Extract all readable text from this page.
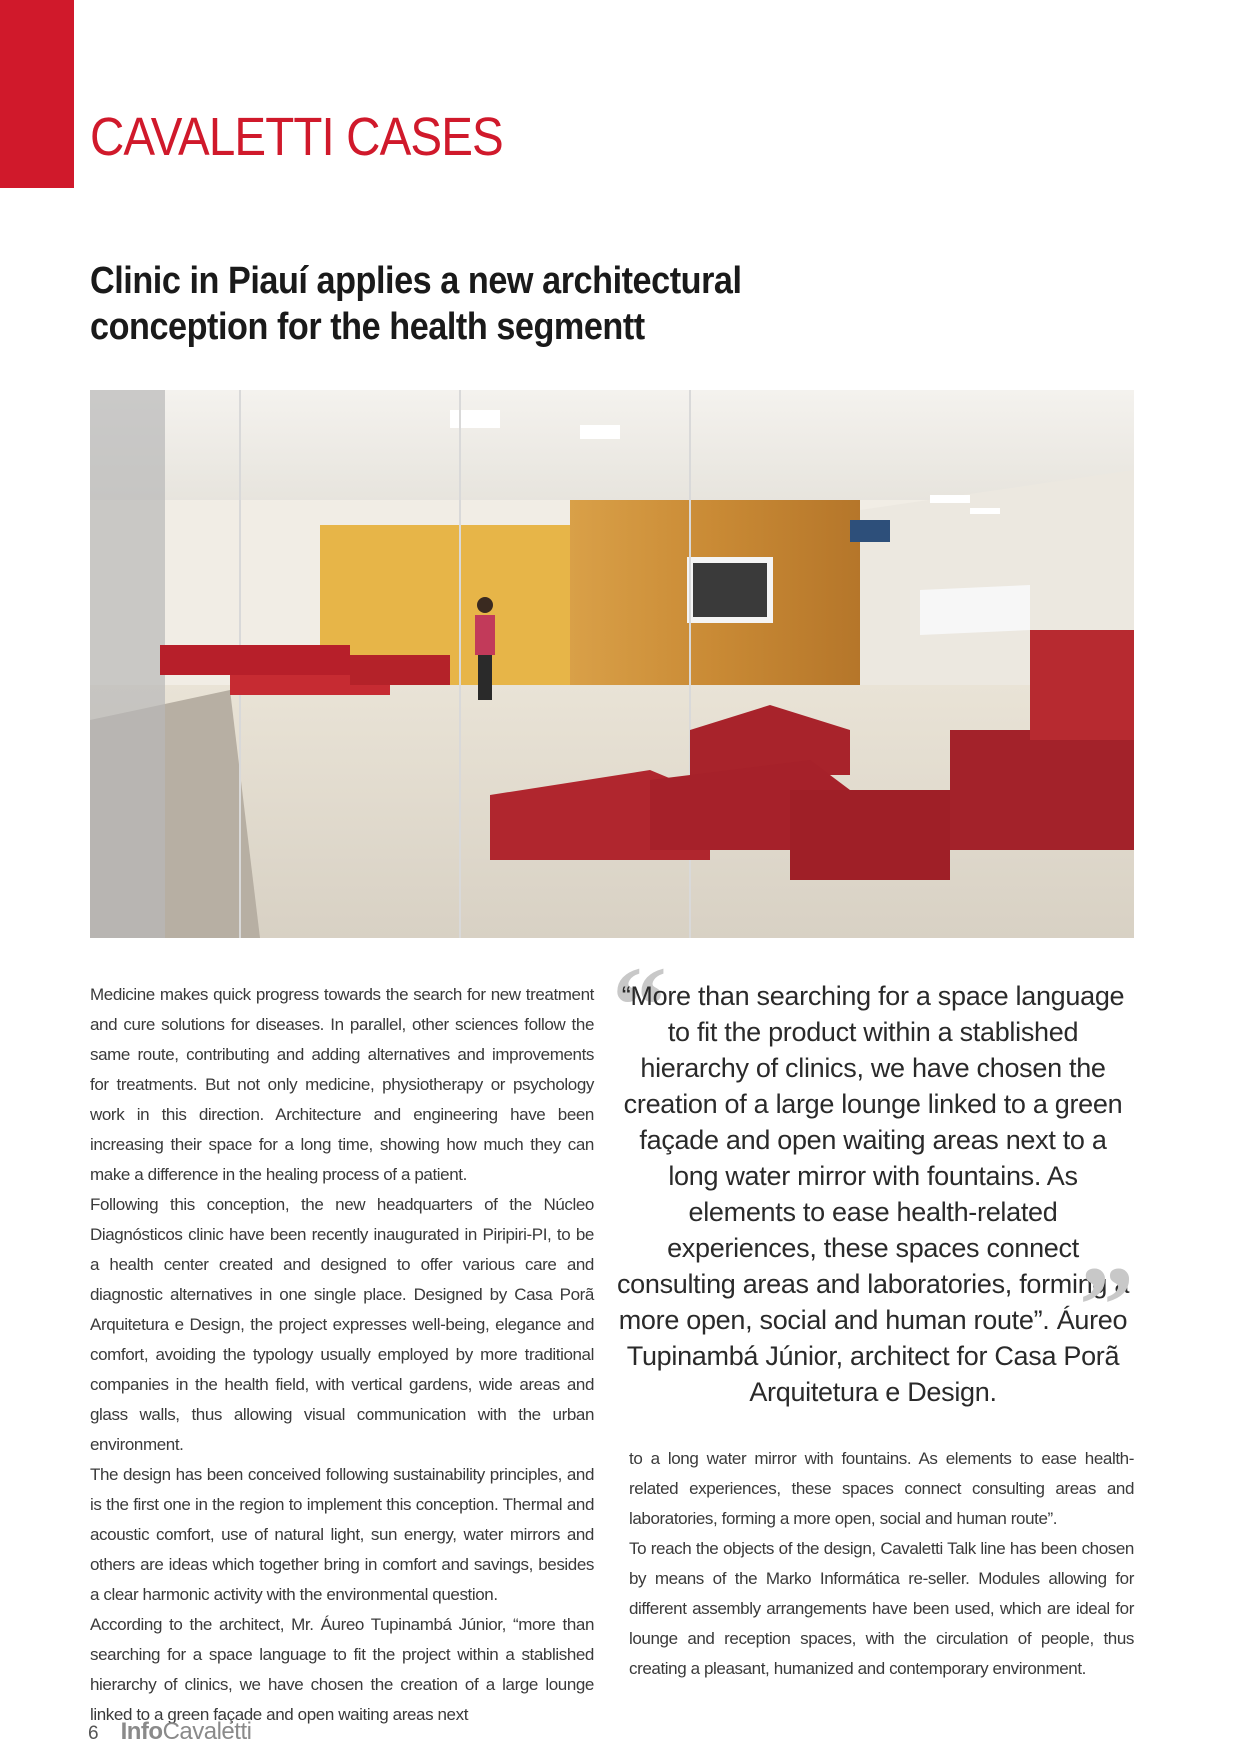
CAVALETTI CASES
Clinic in Piauí applies a new architectural conception for the health segmentt

Medicine makes quick progress towards the search for new treatment and cure solutions for diseases. In parallel, other sciences follow the same route, contributing and adding alternatives and improvements for treatments. But not only medicine, physiotherapy or psychology work in this direction. Architecture and engineering have been increasing their space for a long time, showing how much they can make a difference in the healing process of a patient.

Following this conception, the new headquarters of the Núcleo Diagnósticos clinic have been recently inaugurated in Piripiri-PI, to be a health center created and designed to offer various care and diagnostic alternatives in one single place. Designed by Casa Porã Arquitetura e Design, the project expresses well-being, elegance and comfort, avoiding the typology usually employed by more traditional companies in the health field, with vertical gardens, wide areas and glass walls, thus allowing visual communication with the urban environment.

The design has been conceived following sustainability principles, and is the first one in the region to implement this conception. Thermal and acoustic comfort, use of natural light, sun energy, water mirrors and others are ideas which together bring in comfort and savings, besides a clear harmonic activity with the environmental question.

According to the architect, Mr. Áureo Tupinambá Júnior, “more than searching for a space language to fit the project within a stablished hierarchy of clinics, we have chosen the creation of a large lounge linked to a green façade and open waiting areas next

“

“More than searching for a space language to fit the product within a stablished hierarchy of clinics, we have chosen the creation of a large lounge linked to a green façade and open waiting areas next to a long water mirror with fountains. As elements to ease health-related experiences, these spaces connect consulting areas and laboratories, forming a more open, social and human route”. Áureo Tupinambá Júnior, architect for Casa Porã Arquitetura e Design.

”

to a long water mirror with fountains. As elements to ease health-related experiences, these spaces connect consulting areas and laboratories, forming a more open, social and human route”.

To reach the objects of the design, Cavaletti Talk line has been chosen by means of the Marko Informática re-seller. Modules allowing for different assembly arrangements have been used, which are ideal for lounge and reception spaces, with the circulation of people, thus creating a pleasant, humanized and contemporary environment.

6 InfoCavaletti
